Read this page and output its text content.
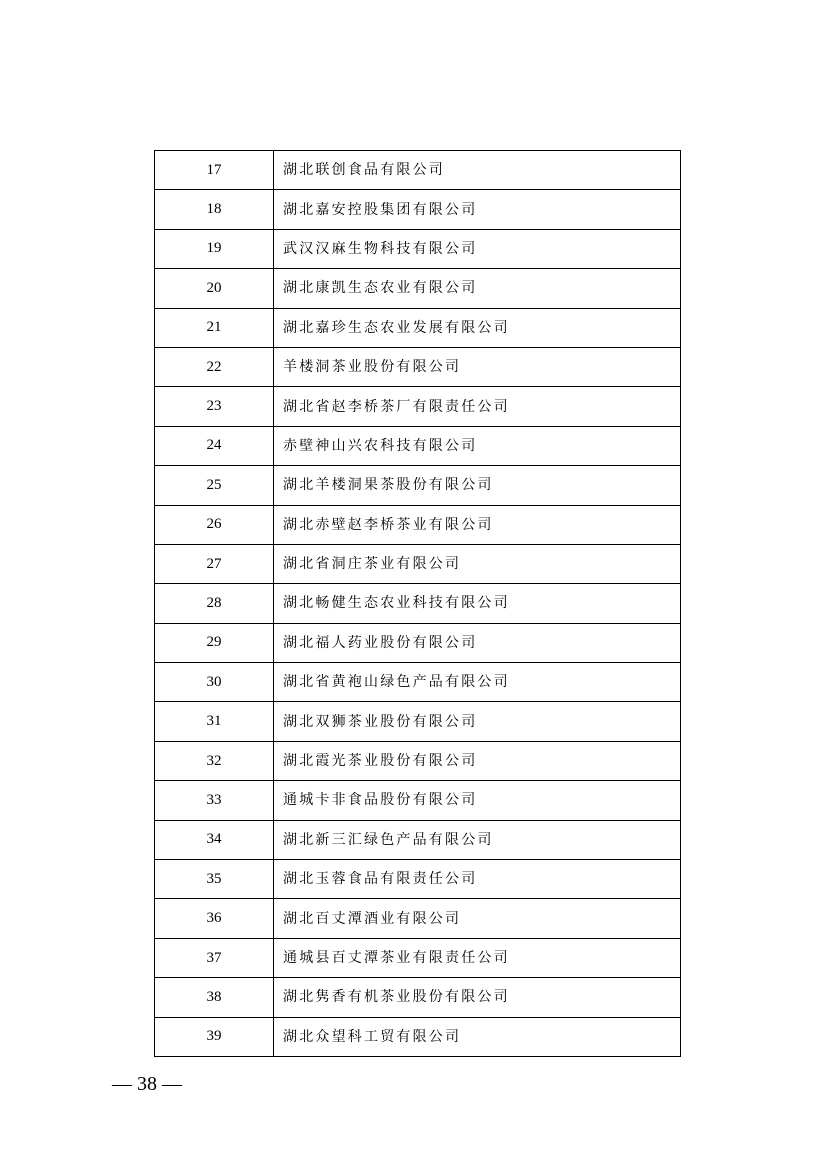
17	湖北联创食品有限公司
18	湖北嘉安控股集团有限公司
19	武汉汉麻生物科技有限公司
20	湖北康凯生态农业有限公司
21	湖北嘉珍生态农业发展有限公司
22	羊楼洞茶业股份有限公司
23	湖北省赵李桥茶厂有限责任公司
24	赤壁神山兴农科技有限公司
25	湖北羊楼洞果茶股份有限公司
26	湖北赤壁赵李桥茶业有限公司
27	湖北省洞庄茶业有限公司
28	湖北畅健生态农业科技有限公司
29	湖北福人药业股份有限公司
30	湖北省黄袍山绿色产品有限公司
31	湖北双狮茶业股份有限公司
32	湖北霞光茶业股份有限公司
33	通城卡非食品股份有限公司
34	湖北新三汇绿色产品有限公司
35	湖北玉蓉食品有限责任公司
36	湖北百丈潭酒业有限公司
37	通城县百丈潭茶业有限责任公司
38	湖北隽香有机茶业股份有限公司
39	湖北众望科工贸有限公司
— 38 —
